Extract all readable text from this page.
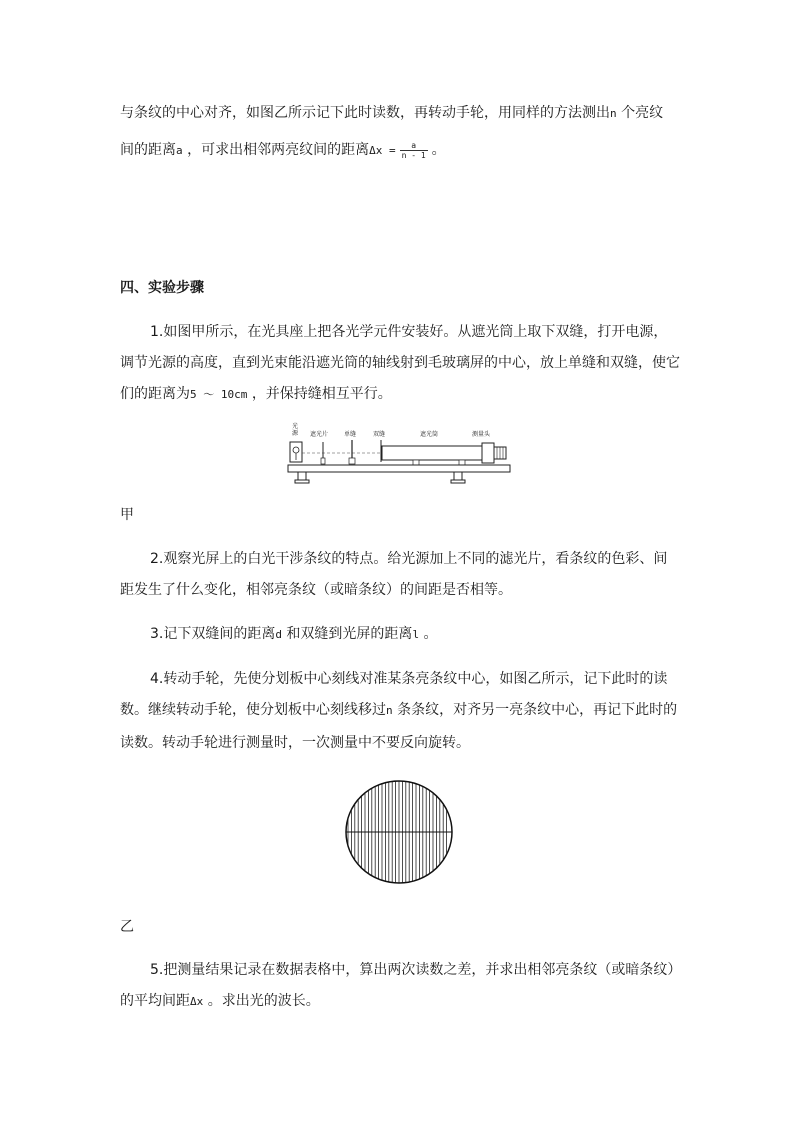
与条纹的中心对齐，如图乙所示记下此时读数，再转动手轮，用同样的方法测出n 个亮纹
间的距离a ，可求出相邻两亮纹间的距离$\Delta x = \frac{a}{n - 1}$ 。
四、实验步骤
1.如图甲所示，在光具座上把各光学元件安装好。从遮光筒上取下双缝，打开电源，
调节光源的高度，直到光束能沿遮光筒的轴线射到毛玻璃屏的中心，放上单缝和双缝，使它
们的距离为5 ～ 10cm ，并保持缝相互平行。
光
源 遮光片	单缝	双缝	遮光筒	测量头
甲
2.观察光屏上的白光干涉条纹的特点。给光源加上不同的滤光片，看条纹的色彩、间
距发生了什么变化，相邻亮条纹（或暗条纹）的间距是否相等。
3.记下双缝间的距离d 和双缝到光屏的距离l 。
4.转动手轮，先使分划板中心刻线对准某条亮条纹中心，如图乙所示，记下此时的读
数。继续转动手轮，使分划板中心刻线移过n 条条纹，对齐另一亮条纹中心，再记下此时的
读数。转动手轮进行测量时，一次测量中不要反向旋转。
乙
5.把测量结果记录在数据表格中，算出两次读数之差，并求出相邻亮条纹（或暗条纹）
的平均间距Δx 。求出光的波长。
